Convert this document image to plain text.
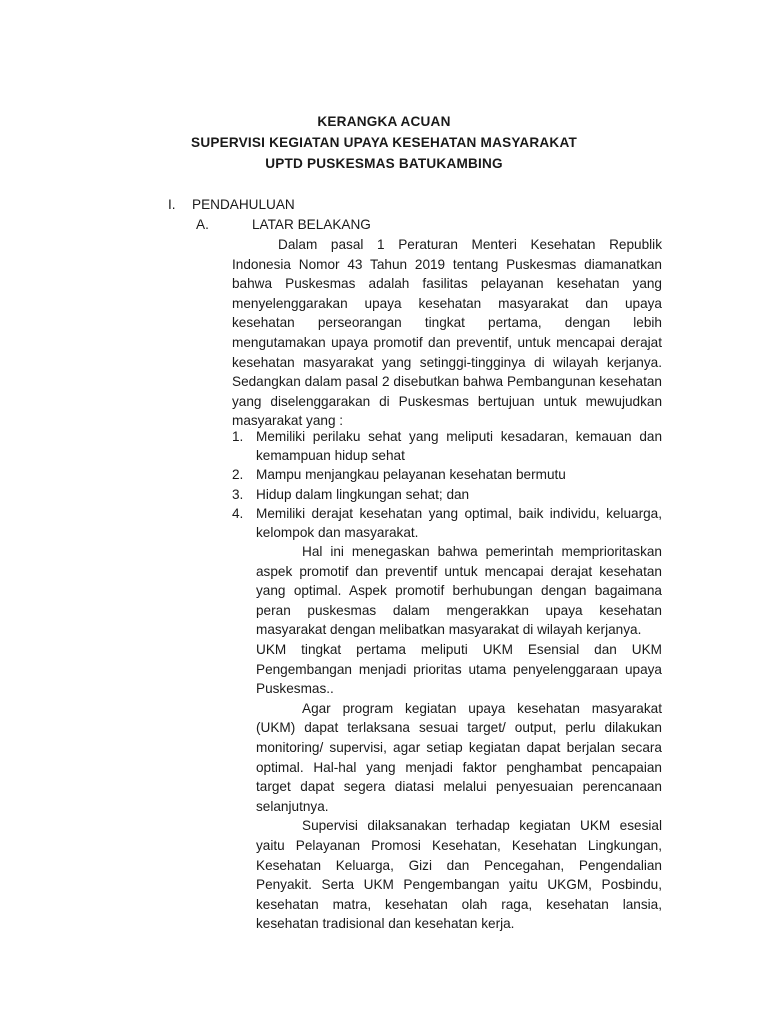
KERANGKA ACUAN
SUPERVISI KEGIATAN UPAYA KESEHATAN MASYARAKAT
UPTD PUSKESMAS BATUKAMBING
I. PENDAHULUAN
A.	LATAR BELAKANG

Dalam pasal 1 Peraturan Menteri Kesehatan Republik Indonesia Nomor 43 Tahun 2019 tentang Puskesmas diamanatkan bahwa Puskesmas adalah fasilitas pelayanan kesehatan yang menyelenggarakan upaya kesehatan masyarakat dan upaya kesehatan perseorangan tingkat pertama, dengan lebih mengutamakan upaya promotif dan preventif, untuk mencapai derajat kesehatan masyarakat yang setinggi-tingginya di wilayah kerjanya. Sedangkan dalam pasal 2 disebutkan bahwa Pembangunan kesehatan yang diselenggarakan di Puskesmas bertujuan untuk mewujudkan masyarakat yang :

1. Memiliki perilaku sehat yang meliputi kesadaran, kemauan dan kemampuan hidup sehat
2. Mampu menjangkau pelayanan kesehatan bermutu
3. Hidup dalam lingkungan sehat; dan
4. Memiliki derajat kesehatan yang optimal, baik individu, keluarga, kelompok dan masyarakat.

Hal ini menegaskan bahwa pemerintah memprioritaskan aspek promotif dan preventif untuk mencapai derajat kesehatan yang optimal. Aspek promotif berhubungan dengan bagaimana peran puskesmas dalam mengerakkan upaya kesehatan masyarakat dengan melibatkan masyarakat di wilayah kerjanya.

UKM tingkat pertama meliputi UKM Esensial dan UKM Pengembangan menjadi prioritas utama penyelenggaraan upaya Puskesmas..

Agar program kegiatan upaya kesehatan masyarakat (UKM) dapat terlaksana sesuai target/ output, perlu dilakukan monitoring/ supervisi, agar setiap kegiatan dapat berjalan secara optimal. Hal-hal yang menjadi faktor penghambat pencapaian target dapat segera diatasi melalui penyesuaian perencanaan selanjutnya.

Supervisi dilaksanakan terhadap kegiatan UKM esesial yaitu Pelayanan Promosi Kesehatan, Kesehatan Lingkungan, Kesehatan Keluarga, Gizi dan Pencegahan, Pengendalian Penyakit. Serta UKM Pengembangan yaitu UKGM, Posbindu, kesehatan matra, kesehatan olah raga, kesehatan lansia, kesehatan tradisional dan kesehatan kerja.
